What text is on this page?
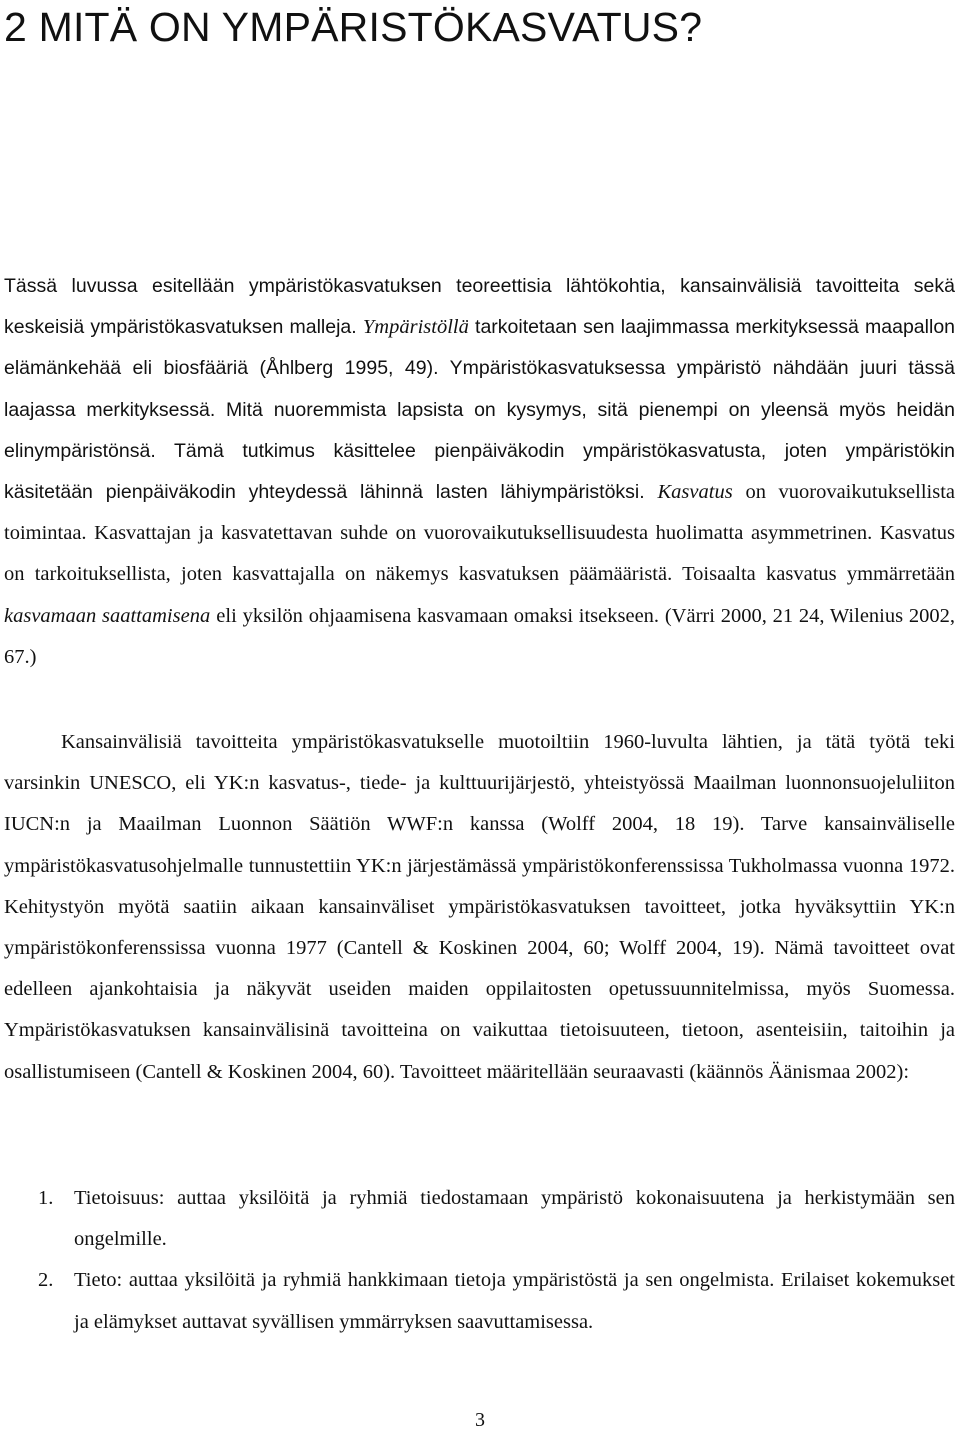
2 MITÄ ON YMPÄRISTÖKASVATUS?

Tässä luvussa esitellään ympäristökasvatuksen teoreettisia lähtökohtia, kansainvälisiä tavoitteita sekä keskeisiä ympäristökasvatuksen malleja. Ympäristöllä tarkoitetaan sen laajimmassa merkityksessä maapallon elämänkehää eli biosfääriä (Åhlberg 1995, 49). Ympäristökasvatuksessa ympäristö nähdään juuri tässä laajassa merkityksessä. Mitä nuoremmista lapsista on kysymys, sitä pienempi on yleensä myös heidän elinympäristönsä. Tämä tutkimus käsittelee pienpäiväkodin ympäristökasvatusta, joten ympäristökin käsitetään pienpäiväkodin yhteydessä lähinnä lasten lähiympäristöksi. Kasvatus on vuorovaikutuksellista toimintaa. Kasvattajan ja kasvatettavan suhde on vuorovaikutuksellisuudesta huolimatta asymmetrinen. Kasvatus on tarkoituksellista, joten kasvattajalla on näkemys kasvatuksen päämääristä. Toisaalta kasvatus ymmärretään kasvamaan saattamisena eli yksilön ohjaamisena kasvamaan omaksi itsekseen. (Värri 2000, 21 24, Wilenius 2002, 67.)

Kansainvälisiä tavoitteita ympäristökasvatukselle muotoiltiin 1960-luvulta lähtien, ja tätä työtä teki varsinkin UNESCO, eli YK:n kasvatus-, tiede- ja kulttuurijärjestö, yhteistyössä Maailman luonnonsuojeluliiton IUCN:n ja Maailman Luonnon Säätiön WWF:n kanssa (Wolff 2004, 18 19). Tarve kansainväliselle ympäristökasvatusohjelmalle tunnustettiin YK:n järjestämässä ympäristökonferenssissa Tukholmassa vuonna 1972. Kehitystyön myötä saatiin aikaan kansainväliset ympäristökasvatuksen tavoitteet, jotka hyväksyttiin YK:n ympäristökonferenssissa vuonna 1977 (Cantell & Koskinen 2004, 60; Wolff 2004, 19). Nämä tavoitteet ovat edelleen ajankohtaisia ja näkyvät useiden maiden oppilaitosten opetussuunnitelmissa, myös Suomessa. Ympäristökasvatuksen kansainvälisinä tavoitteina on vaikuttaa tietoisuuteen, tietoon, asenteisiin, taitoihin ja osallistumiseen (Cantell & Koskinen 2004, 60). Tavoitteet määritellään seuraavasti (käännös Äänismaa 2002):

1. Tietoisuus: auttaa yksilöitä ja ryhmiä tiedostamaan ympäristö kokonaisuutena ja herkistymään sen ongelmille.
2. Tieto: auttaa yksilöitä ja ryhmiä hankkimaan tietoja ympäristöstä ja sen ongelmista. Erilaiset kokemukset ja elämykset auttavat syvällisen ymmärryksen saavuttamisessa.
3
